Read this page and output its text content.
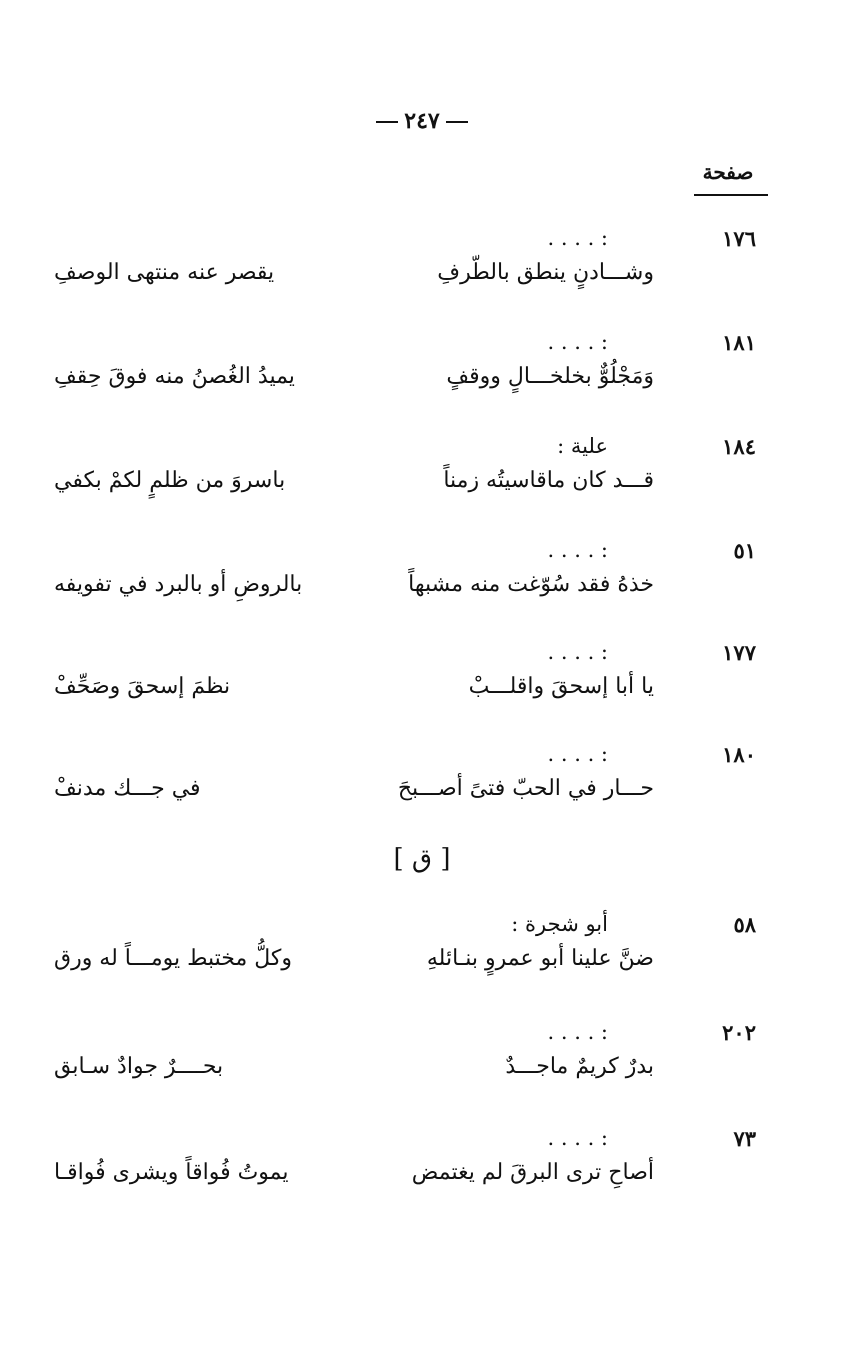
٢٤٧
صفحة
١٧٦
: . . . .
وشـــادنٍ ينطق بالطّرفِ
يقصر عنه منتهى الوصفِ
١٨١
: . . . .
وَمَجْلُوٌّ بخلخـــالٍ ووقفٍ
يميدُ الغُصنُ منه فوقَ حِقفِ
١٨٤
علية :
قـــد كان ماقاسيتُه زمناً
باسروَ من ظلمٍ لكمْ بكفي
٥١
: . . . .
خذهُ فقد سُوّغت منه مشبهاً
بالروضِ أو بالبرد في تفويفه
١٧٧
: . . . .
يا أبا إسحقَ واقلـــبْ
نظمَ إسحقَ وصَحِّفْ
١٨٠
: . . . .
حـــار في الحبّ فتىً أصـــبحَ
في جـــك مدنفْ
[ ق ]
٥٨
أبو شجرة :
ضنَّ علينا أبو عمروٍ بنـائلهِ
وكلُّ مختبط يومـــاً له ورق
٢٠٢
: . . . .
بدرٌ كريمٌ ماجـــدٌ
بحــــرٌ جوادٌ سـابق
٧٣
: . . . .
أصاحِ ترى البرقَ لم يغتمض
يموتُ فُواقاً ويشرى فُواقـا
